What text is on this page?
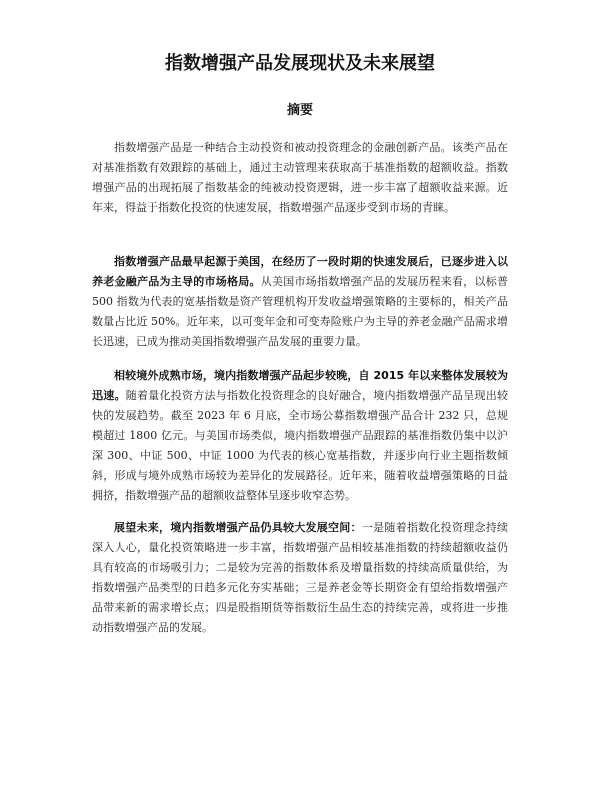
指数增强产品发展现状及未来展望
摘要

指数增强产品是一种结合主动投资和被动投资理念的金融创新产品。该类产品在对基准指数有效跟踪的基础上，通过主动管理来获取高于基准指数的超额收益。指数增强产品的出现拓展了指数基金的纯被动投资逻辑，进一步丰富了超额收益来源。近年来，得益于指数化投资的快速发展，指数增强产品逐步受到市场的青睐。

指数增强产品最早起源于美国，在经历了一段时期的快速发展后，已逐步进入以养老金融产品为主导的市场格局。从美国市场指数增强产品的发展历程来看，以标普 500 指数为代表的宽基指数是资产管理机构开发收益增强策略的主要标的，相关产品数量占比近 50%。近年来，以可变年金和可变寿险账户为主导的养老金融产品需求增长迅速，已成为推动美国指数增强产品发展的重要力量。

相较境外成熟市场，境内指数增强产品起步较晚，自 2015 年以来整体发展较为迅速。随着量化投资方法与指数化投资理念的良好融合，境内指数增强产品呈现出较快的发展趋势。截至 2023 年 6 月底，全市场公募指数增强产品合计 232 只，总规模超过 1800 亿元。与美国市场类似，境内指数增强产品跟踪的基准指数仍集中以沪深 300、中证 500、中证 1000 为代表的核心宽基指数，并逐步向行业主题指数倾斜，形成与境外成熟市场较为差异化的发展路径。近年来，随着收益增强策略的日益拥挤，指数增强产品的超额收益整体呈逐步收窄态势。

展望未来，境内指数增强产品仍具较大发展空间：一是随着指数化投资理念持续深入人心，量化投资策略进一步丰富，指数增强产品相较基准指数的持续超额收益仍具有较高的市场吸引力；二是较为完善的指数体系及增量指数的持续高质量供给，为指数增强产品类型的日趋多元化夯实基础；三是养老金等长期资金有望给指数增强产品带来新的需求增长点；四是股指期货等指数衍生品生态的持续完善，或将进一步推动指数增强产品的发展。
